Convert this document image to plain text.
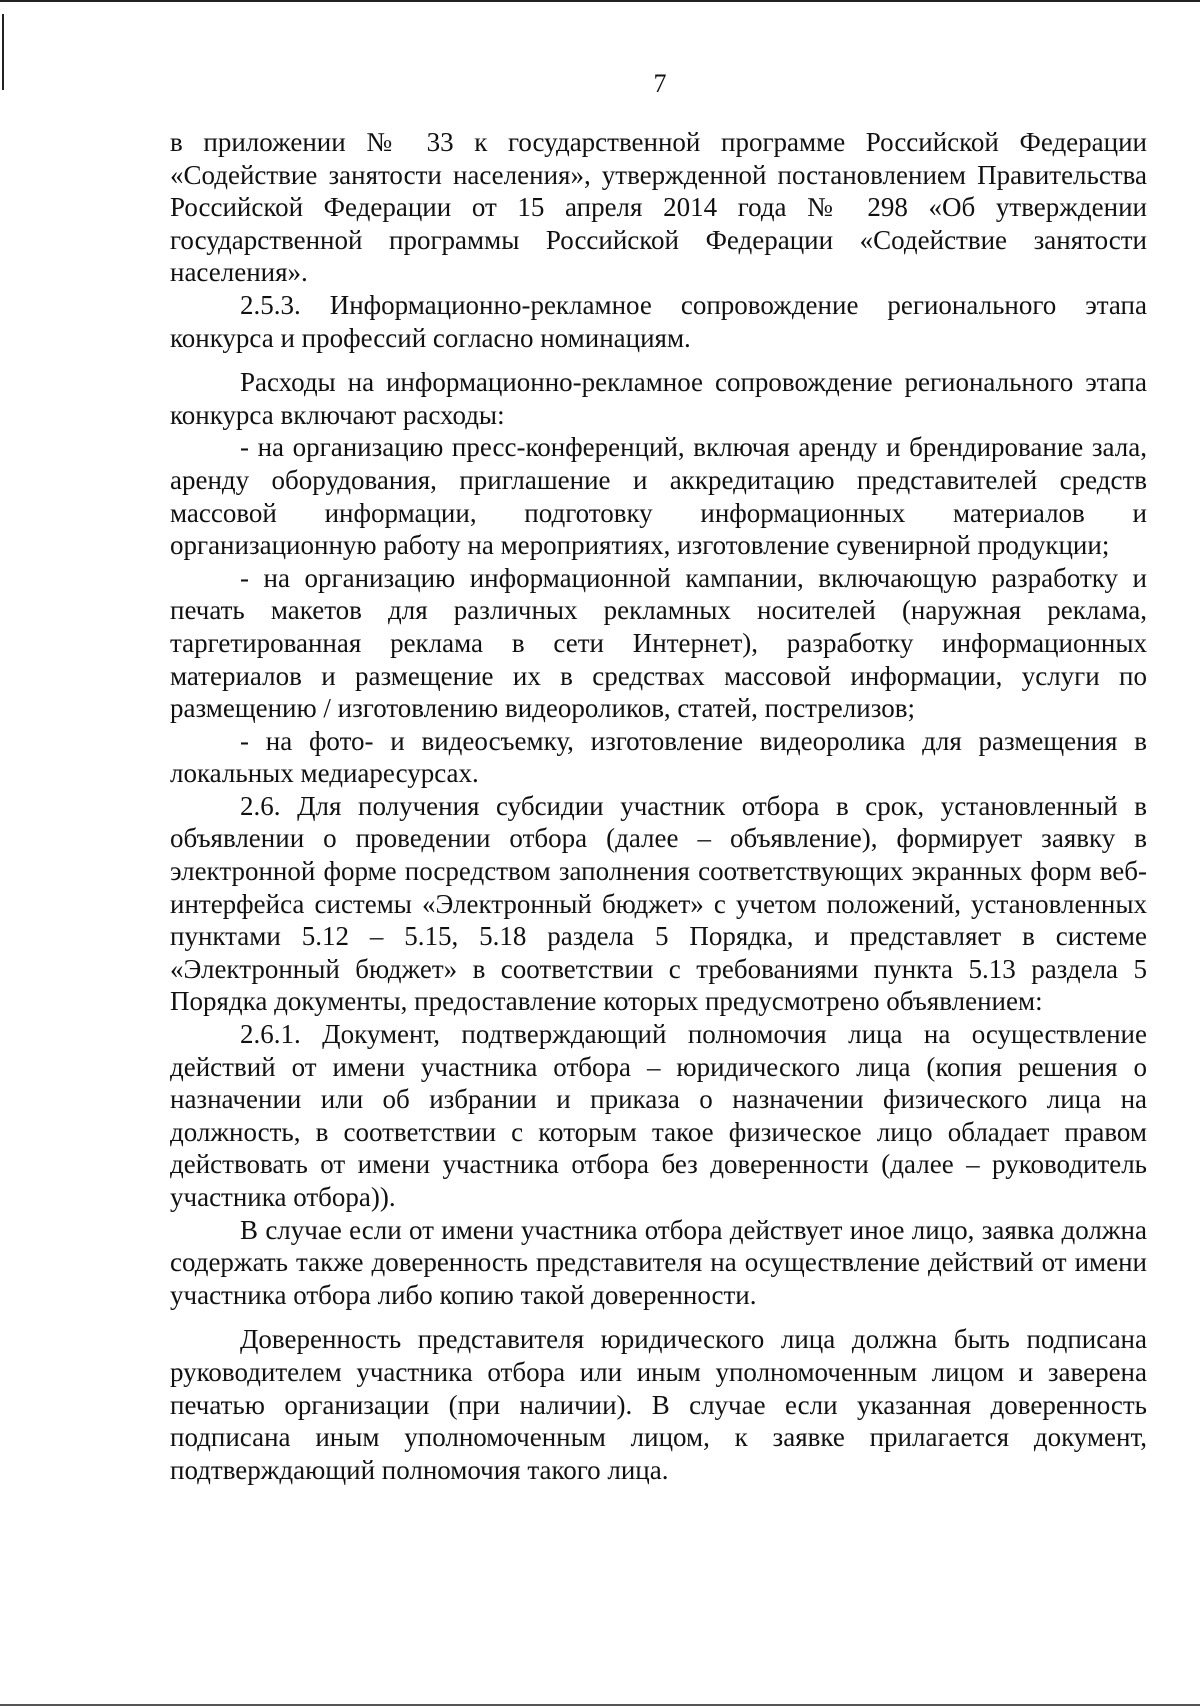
7

в приложении № 33 к государственной программе Российской Федерации «Содействие занятости населения», утвержденной постановлением Правительства Российской Федерации от 15 апреля 2014 года № 298 «Об утверждении государственной программы Российской Федерации «Содействие занятости населения».

2.5.3. Информационно-рекламное сопровождение регионального этапа конкурса и профессий согласно номинациям.

Расходы на информационно-рекламное сопровождение регионального этапа конкурса включают расходы:

- на организацию пресс-конференций, включая аренду и брендирование зала, аренду оборудования, приглашение и аккредитацию представителей средств массовой информации, подготовку информационных материалов и организационную работу на мероприятиях, изготовление сувенирной продукции;

- на организацию информационной кампании, включающую разработку и печать макетов для различных рекламных носителей (наружная реклама, таргетированная реклама в сети Интернет), разработку информационных материалов и размещение их в средствах массовой информации, услуги по размещению / изготовлению видеороликов, статей, пострелизов;

- на фото- и видеосъемку, изготовление видеоролика для размещения в локальных медиаресурсах.

2.6. Для получения субсидии участник отбора в срок, установленный в объявлении о проведении отбора (далее – объявление), формирует заявку в электронной форме посредством заполнения соответствующих экранных форм веб-интерфейса системы «Электронный бюджет» с учетом положений, установленных пунктами 5.12 – 5.15, 5.18 раздела 5 Порядка, и представляет в системе «Электронный бюджет» в соответствии с требованиями пункта 5.13 раздела 5 Порядка документы, предоставление которых предусмотрено объявлением:

2.6.1. Документ, подтверждающий полномочия лица на осуществление действий от имени участника отбора – юридического лица (копия решения о назначении или об избрании и приказа о назначении физического лица на должность, в соответствии с которым такое физическое лицо обладает правом действовать от имени участника отбора без доверенности (далее – руководитель участника отбора)).

В случае если от имени участника отбора действует иное лицо, заявка должна содержать также доверенность представителя на осуществление действий от имени участника отбора либо копию такой доверенности.

Доверенность представителя юридического лица должна быть подписана руководителем участника отбора или иным уполномоченным лицом и заверена печатью организации (при наличии). В случае если указанная доверенность подписана иным уполномоченным лицом, к заявке прилагается документ, подтверждающий полномочия такого лица.
